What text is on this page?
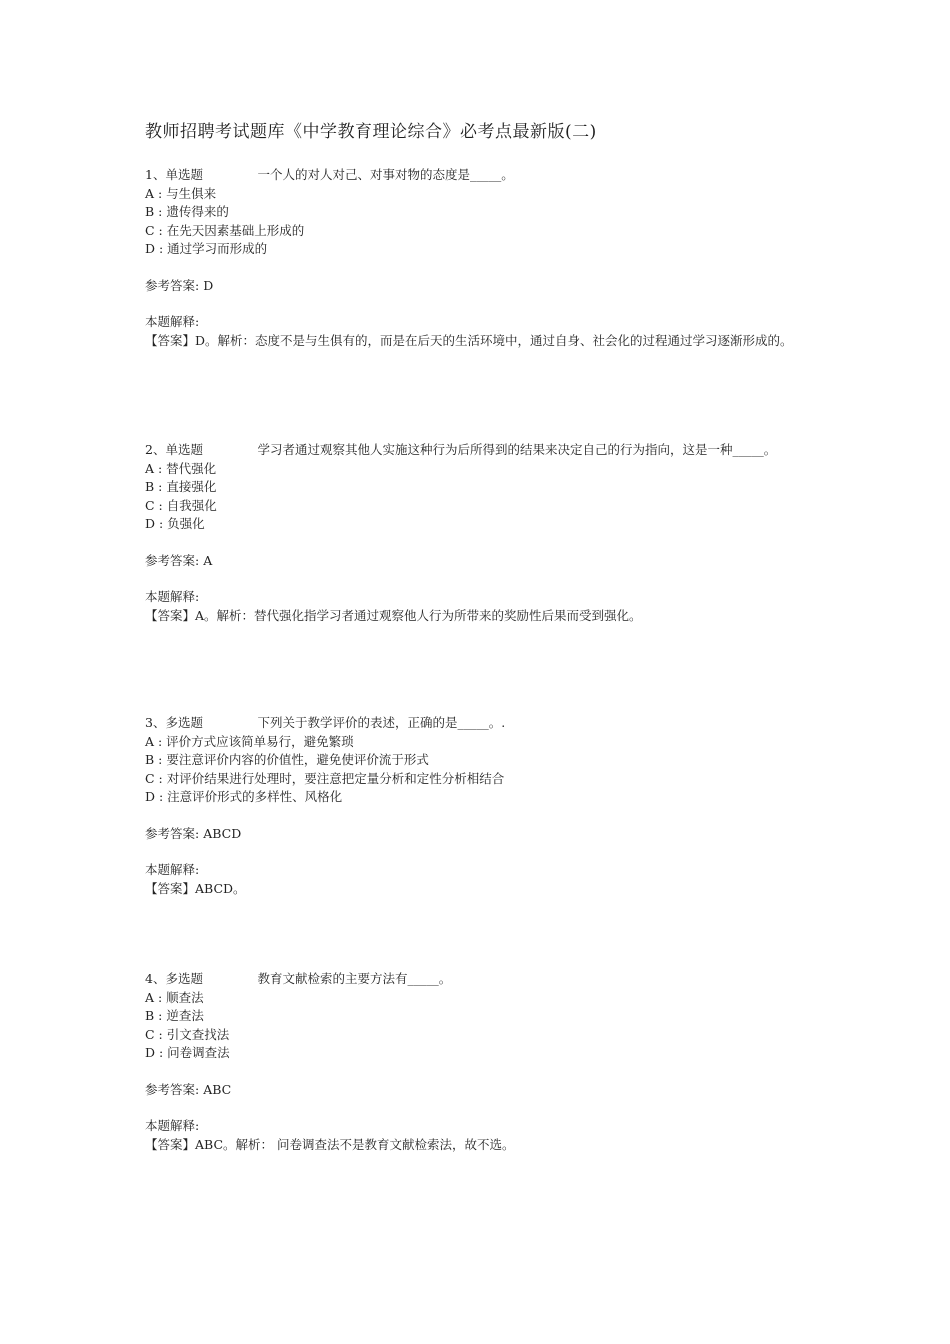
教师招聘考试题库《中学教育理论综合》必考点最新版(二)
1、单选题	一个人的对人对己、对事对物的态度是_____。
A : 与生俱来
B : 遗传得来的
C : 在先天因素基础上形成的
D : 通过学习而形成的
参考答案: D
本题解释:
【答案】D。解析：态度不是与生俱有的，而是在后天的生活环境中，通过自身、社会化的过程通过学习逐渐形成的。
2、单选题	学习者通过观察其他人实施这种行为后所得到的结果来决定自己的行为指向，这是一种_____。
A : 替代强化
B : 直接强化
C : 自我强化
D : 负强化
参考答案: A
本题解释:
【答案】A。解析：替代强化指学习者通过观察他人行为所带来的奖励性后果而受到强化。
3、多选题	下列关于教学评价的表述，正确的是_____。.
A : 评价方式应该简单易行，避免繁琐
B : 要注意评价内容的价值性，避免使评价流于形式
C : 对评价结果进行处理时，要注意把定量分析和定性分析相结合
D : 注意评价形式的多样性、风格化
参考答案: ABCD
本题解释:
【答案】ABCD。
4、多选题	教育文献检索的主要方法有_____。
A : 顺查法
B : 逆查法
C : 引文查找法
D : 问卷调查法
参考答案: ABC
本题解释:
【答案】ABC。解析： 问卷调查法不是教育文献检索法，故不选。
